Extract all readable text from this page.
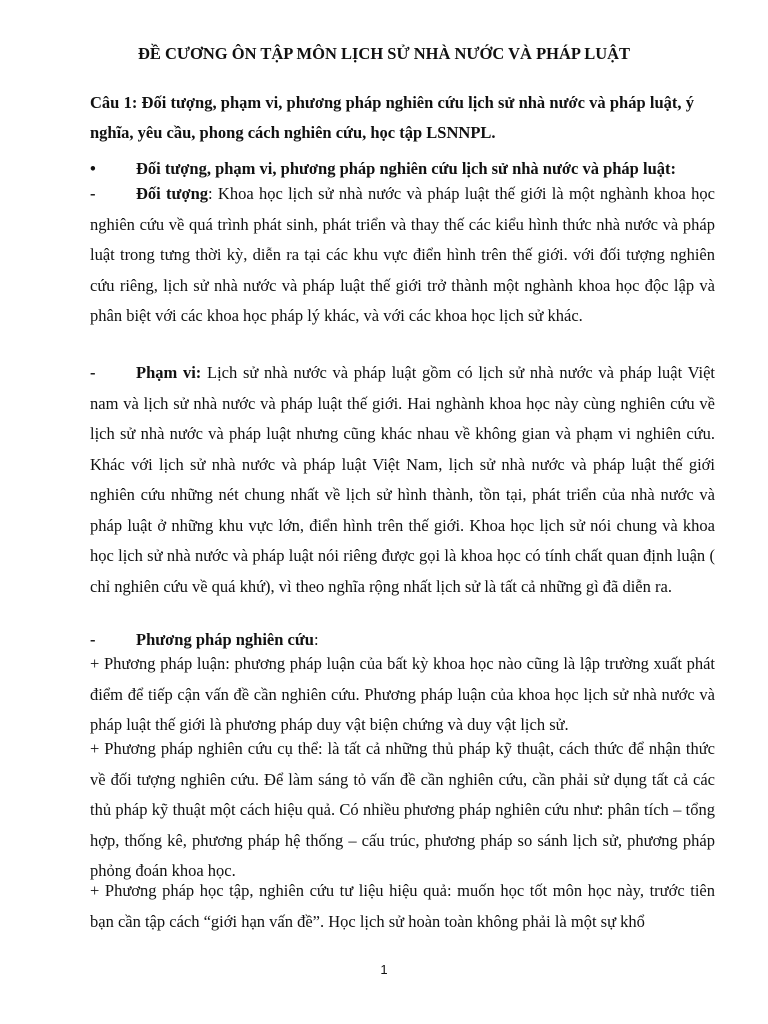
ĐỀ CƯƠNG ÔN TẬP MÔN LỊCH SỬ NHÀ NƯỚC VÀ PHÁP LUẬT
Câu 1: Đối tượng, phạm vi, phương pháp nghiên cứu lịch sử nhà nước và pháp luật, ý nghĩa, yêu cầu, phong cách nghiên cứu, học tập LSNNPL.
• Đối tượng, phạm vi, phương pháp nghiên cứu lịch sử nhà nước và pháp luật:
- Đối tượng: Khoa học lịch sử nhà nước và pháp luật thế giới là một nghành khoa học nghiên cứu về quá trình phát sinh, phát triển và thay thế các kiểu hình thức nhà nước và pháp luật trong tưng thời kỳ, diễn ra tại các khu vực điển hình trên thế giới. với đối tượng nghiên cứu riêng, lịch sử nhà nước và pháp luật thế giới trở thành một nghành khoa học độc lập và phân biệt với các khoa học pháp lý khác, và với các khoa học lịch sử khác.
- Phạm vi: Lịch sử nhà nước và pháp luật gồm có lịch sử nhà nước và pháp luật Việt nam và lịch sử nhà nước và pháp luật thế giới. Hai nghành khoa học này cùng nghiên cứu về lịch sử nhà nước và pháp luật nhưng cũng khác nhau về không gian và phạm vi nghiên cứu. Khác với lịch sử nhà nước và pháp luật Việt Nam, lịch sử nhà nước và pháp luật thế giới nghiên cứu những nét chung nhất về lịch sử hình thành, tồn tại, phát triển của nhà nước và pháp luật ở những khu vực lớn, điển hình trên thế giới. Khoa học lịch sử nói chung và khoa học lịch sử nhà nước và pháp luật nói riêng được gọi là khoa học có tính chất quan định luận ( chỉ nghiên cứu về quá khứ), vì theo nghĩa rộng nhất lịch sử là tất cả những gì đã diễn ra.
- Phương pháp nghiên cứu:
+ Phương pháp luận: phương pháp luận của bất kỳ khoa học nào cũng là lập trường xuất phát điểm để tiếp cận vấn đề cần nghiên cứu. Phương pháp luận của khoa học lịch sử nhà nước và pháp luật thế giới là phương pháp duy vật biện chứng và duy vật lịch sử.
+ Phương pháp nghiên cứu cụ thể: là tất cả những thủ pháp kỹ thuật, cách thức để nhận thức về đối tượng nghiên cứu. Để làm sáng tỏ vấn đề cần nghiên cứu, cần phải sử dụng tất cả các thủ pháp kỹ thuật một cách hiệu quả. Có nhiều phương pháp nghiên cứu như: phân tích – tổng hợp, thống kê, phương pháp hệ thống – cấu trúc, phương pháp so sánh lịch sử, phương pháp phỏng đoán khoa học.
+ Phương pháp học tập, nghiên cứu tư liệu hiệu quả: muốn học tốt môn học này, trước tiên bạn cần tập cách “giới hạn vấn đề”. Học lịch sử hoàn toàn không phải là một sự khổ
1
